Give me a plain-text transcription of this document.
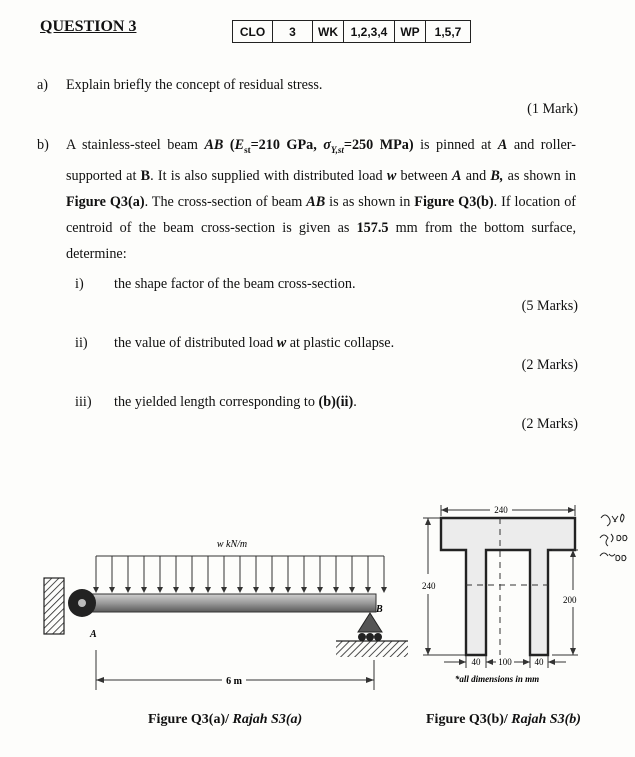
QUESTION 3	CLO	3	WK	1,2,3,4	WP	1,5,7
a) Explain briefly the concept of residual stress.
(1 Mark)
b) A stainless-steel beam AB ($E_{st}=210$ GPa, $\sigma_{Y,st}=250$ MPa) is pinned at A and roller-supported at B. It is also supplied with distributed load w between A and B, as shown in Figure Q3(a). The cross-section of beam AB is as shown in Figure Q3(b). If location of centroid of the beam cross-section is given as 157.5 mm from the bottom surface, determine:
i) the shape factor of the beam cross-section.
(5 Marks)
ii) the value of distributed load w at plastic collapse.
(2 Marks)
iii) the yielded length corresponding to (b)(ii).
(2 Marks)
6 m
w kN/m
A
B
240
240
200
40 100	40
*all dimensions in mm
Figure Q3(a)/ Rajah S3(a)	Figure Q3(b)/ Rajah S3(b)
